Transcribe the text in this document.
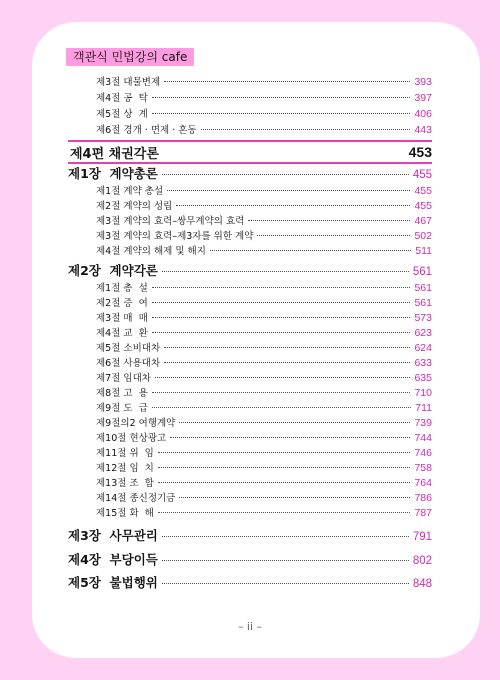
객관식 민법강의 cafe
제3절 대물변제	393
제4절 공  탁	397
제5절 상  계	406
제6절 경개 · 면제 · 혼동	443
제4편 채권각론	453
제1장  계약총론	455
제1절 계약 총설	455
제2절 계약의 성립	455
제3절 계약의 효력–쌍무계약의 효력	467
제3절 계약의 효력–제3자를 위한 계약	502
제4절 계약의 해제 및 해지	511
제2장  계약각론	561
제1절 총  설	561
제2절 증  여	561
제3절 매  매	573
제4절 교  환	623
제5절 소비대차	624
제6절 사용대차	633
제7절 임대차	635
제8절 고  용	710
제9절 도  급	711
제9절의2 여행계약	739
제10절 현상광고	744
제11절 위  임	746
제12절 임  치	758
제13절 조  합	764
제14절 종신정기금	786
제15절 화  해	787
제3장  사무관리	791
제4장  부당이득	802
제5장  불법행위	848
– ii –
